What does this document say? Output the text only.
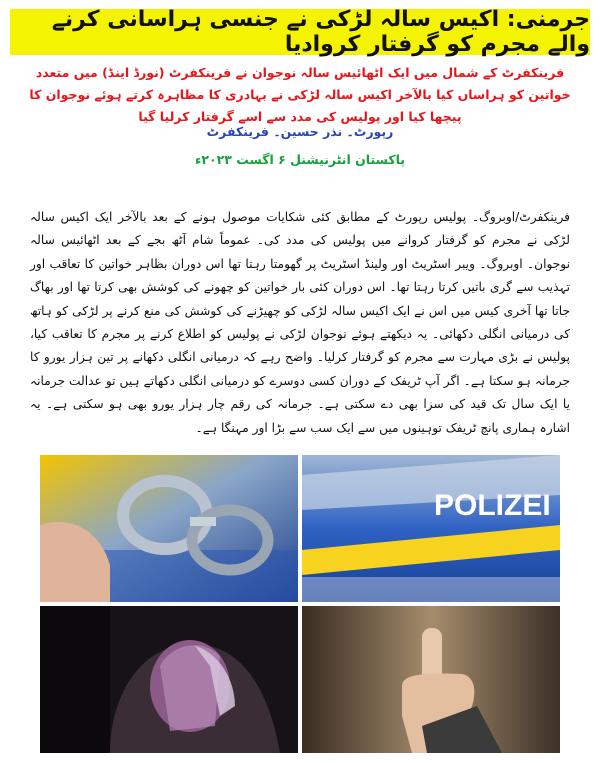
جرمنی: اکیس سالہ لڑکی نے جنسی ہراسانی کرنے والے مجرم کو گرفتار کروادیا

فرینکفرٹ کے شمال میں ایک اٹھائیس سالہ نوجوان نے فرینکفرٹ (نورڈ اینڈ) میں متعدد خواتین کو ہراساں کیا بالآخر اکیس سالہ لڑکی نے بہادری کا مظاہرہ کرتے ہوئے نوجوان کا پیچھا کیا اور پولیس کی مدد سے اسے گرفتار کرلیا گیا

رپورٹ۔ نذر حسین۔ فرینکفرٹ

پاکستان انٹرنیشنل ۶ اگست ۲۰۲۳ء

فرینکفرٹ/اوبروگ۔ پولیس رپورٹ کے مطابق کئی شکایات موصول ہونے کے بعد بالآخر ایک اکیس سالہ لڑکی نے مجرم کو گرفتار کروانے میں پولیس کی مدد کی۔ عموماً شام آٹھ بجے کے بعد اٹھائیس سالہ نوجوان۔ اوبروگ۔ ویبر اسٹریٹ اور ولینڈ اسٹریٹ پر گھومتا رہتا تھا اس دوران بظاہر خواتین کا تعاقب اور تہذیب سے گری باتیں کرتا رہتا تھا۔ اس دوران کئی بار خواتین کو چھونے کی کوشش بھی کرتا تھا اور بھاگ جاتا تھا آخری کیس میں اس نے ایک اکیس سالہ لڑکی کو چھیڑنے کی کوشش کی منع کرنے پر لڑکی کو ہاتھ کی درمیانی انگلی دکھائی۔ یہ دیکھتے ہوئے نوجوان لڑکی نے پولیس کو اطلاع کرنے پر مجرم کا تعاقب کیا، پولیس نے بڑی مہارت سے مجرم کو گرفتار کرلیا۔ واضح رہے کہ درمیانی انگلی دکھانے پر تین ہزار یورو کا جرمانہ ہو سکتا ہے۔ اگر آپ ٹریفک کے دوران کسی دوسرے کو درمیانی انگلی دکھاتے ہیں تو عدالت جرمانہ یا ایک سال تک قید کی سزا بھی دے سکتی ہے۔ جرمانہ کی رقم چار ہزار یورو بھی ہو سکتی ہے۔ یہ اشارہ ہماری پانچ ٹریفک توہینوں میں سے ایک سب سے بڑا اور مہنگا ہے۔

POLIZEI
